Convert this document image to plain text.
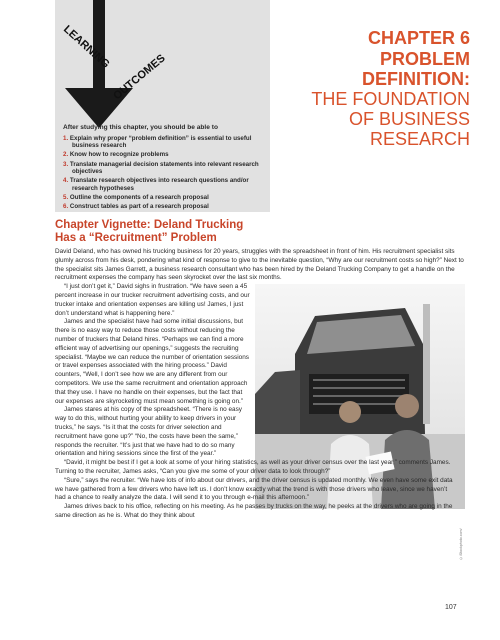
LEARNING
OUTCOMES
After studying this chapter, you should be able to
1. Explain why proper “problem definition” is essential to useful business research
2. Know how to recognize problems
3. Translate managerial decision statements into relevant research objectives
4. Translate research objectives into research questions and/or research hypotheses
5. Outline the components of a research proposal
6. Construct tables as part of a research proposal
CHAPTER 6
PROBLEM
DEFINITION:
THE FOUNDATION
OF BUSINESS
RESEARCH
Chapter Vignette: Deland Trucking
Has a “Recruitment” Problem
©iStockphoto.com/

David Deland, who has owned his trucking business for 20 years, struggles with the spreadsheet in front of him. His recruitment specialist sits glumly across from his desk, pondering what kind of response to give to the inevitable question, “Why are our recruitment costs so high?” Next to the specialist sits James Garrett, a business research consultant who has been hired by the Deland Trucking Company to get a handle on the recruitment expenses the company has seen skyrocket over the last six months.

“I just don’t get it,” David sighs in frustration. “We have seen a 45 percent increase in our trucker recruitment advertising costs, and our trucker intake and orientation expenses are killing us! James, I just don’t understand what is happening here.”

James and the specialist have had some initial discussions, but there is no easy way to reduce those costs without reducing the number of truckers that Deland hires. “Perhaps we can find a more efficient way of advertising our openings,” suggests the recruiting specialist. “Maybe we can reduce the number of orientation sessions or travel expenses associated with the hiring process.” David counters, “Well, I don’t see how we are any different from our competitors. We use the same recruitment and orientation approach that they use. I have no handle on their expenses, but the fact that our expenses are skyrocketing must mean something is going on.”

James stares at his copy of the spreadsheet. “There is no easy way to do this, without hurting your ability to keep drivers in your trucks,” he says. “Is it that the costs for driver selection and recruitment have gone up?” “No, the costs have been the same,” responds the recruiter. “It’s just that we have had to do so many orientation and hiring sessions since the first of the year.”

“David, it might be best if I get a look at some of your hiring statistics, as well as your driver census over the last year,” comments James. Turning to the recruiter, James asks, “Can you give me some of your driver data to look through?”

“Sure,” says the recruiter. “We have lots of info about our drivers, and the driver census is updated monthly. We even have some exit data we have gathered from a few drivers who have left us. I don’t know exactly what the trend is with those drivers who leave, since we haven’t had a chance to really analyze the data. I will send it to you through e-mail this afternoon.”

James drives back to his office, reflecting on his meeting. As he passes by trucks on the way, he peeks at the drivers who are going in the same direction as he is. What do they think about

107
